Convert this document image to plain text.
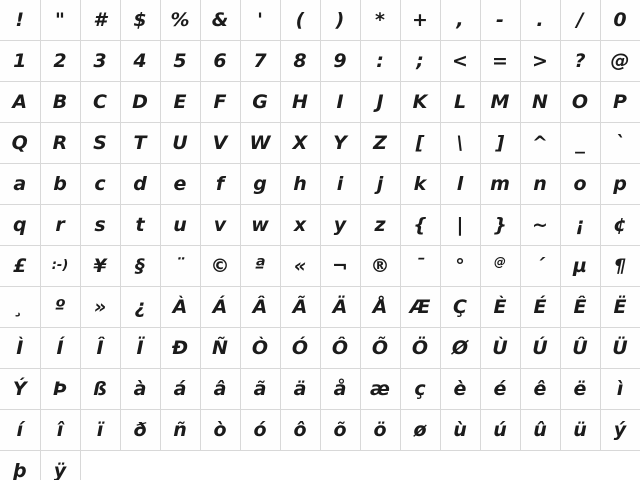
!	"	#	$	%	&	'	(	)	*	+	,	-	.	/	0
1	2	3	4	5	6	7	8	9	:	;	<	=	>	?	@
A	B	C	D	E	F	G	H	I	J	K	L	M	N	O	P
Q	R	S	T	U	V	W	X	Y	Z	[	\	]	^	_	`
a	b	c	d	e	f	g	h	i	j	k	l	m	n	o	p
q	r	s	t	u	v	w	x	y	z	{	|	}	~	¡	¢
£	:-)	¥	§	¨	©	ª	«	¬	®	¯	°	@	´	µ	¶
¸	º	»	¿	À	Á	Â	Ã	Ä	Å	Æ	Ç	È	É	Ê	Ë
Ì	Í	Î	Ï	Ð	Ñ	Ò	Ó	Ô	Õ	Ö	Ø	Ù	Ú	Û	Ü
Ý	Þ	ß	à	á	â	ã	ä	å	æ	ç	è	é	ê	ë	ì
í	î	ï	ð	ñ	ò	ó	ô	õ	ö	ø	ù	ú	û	ü	ý
þ	ÿ														
